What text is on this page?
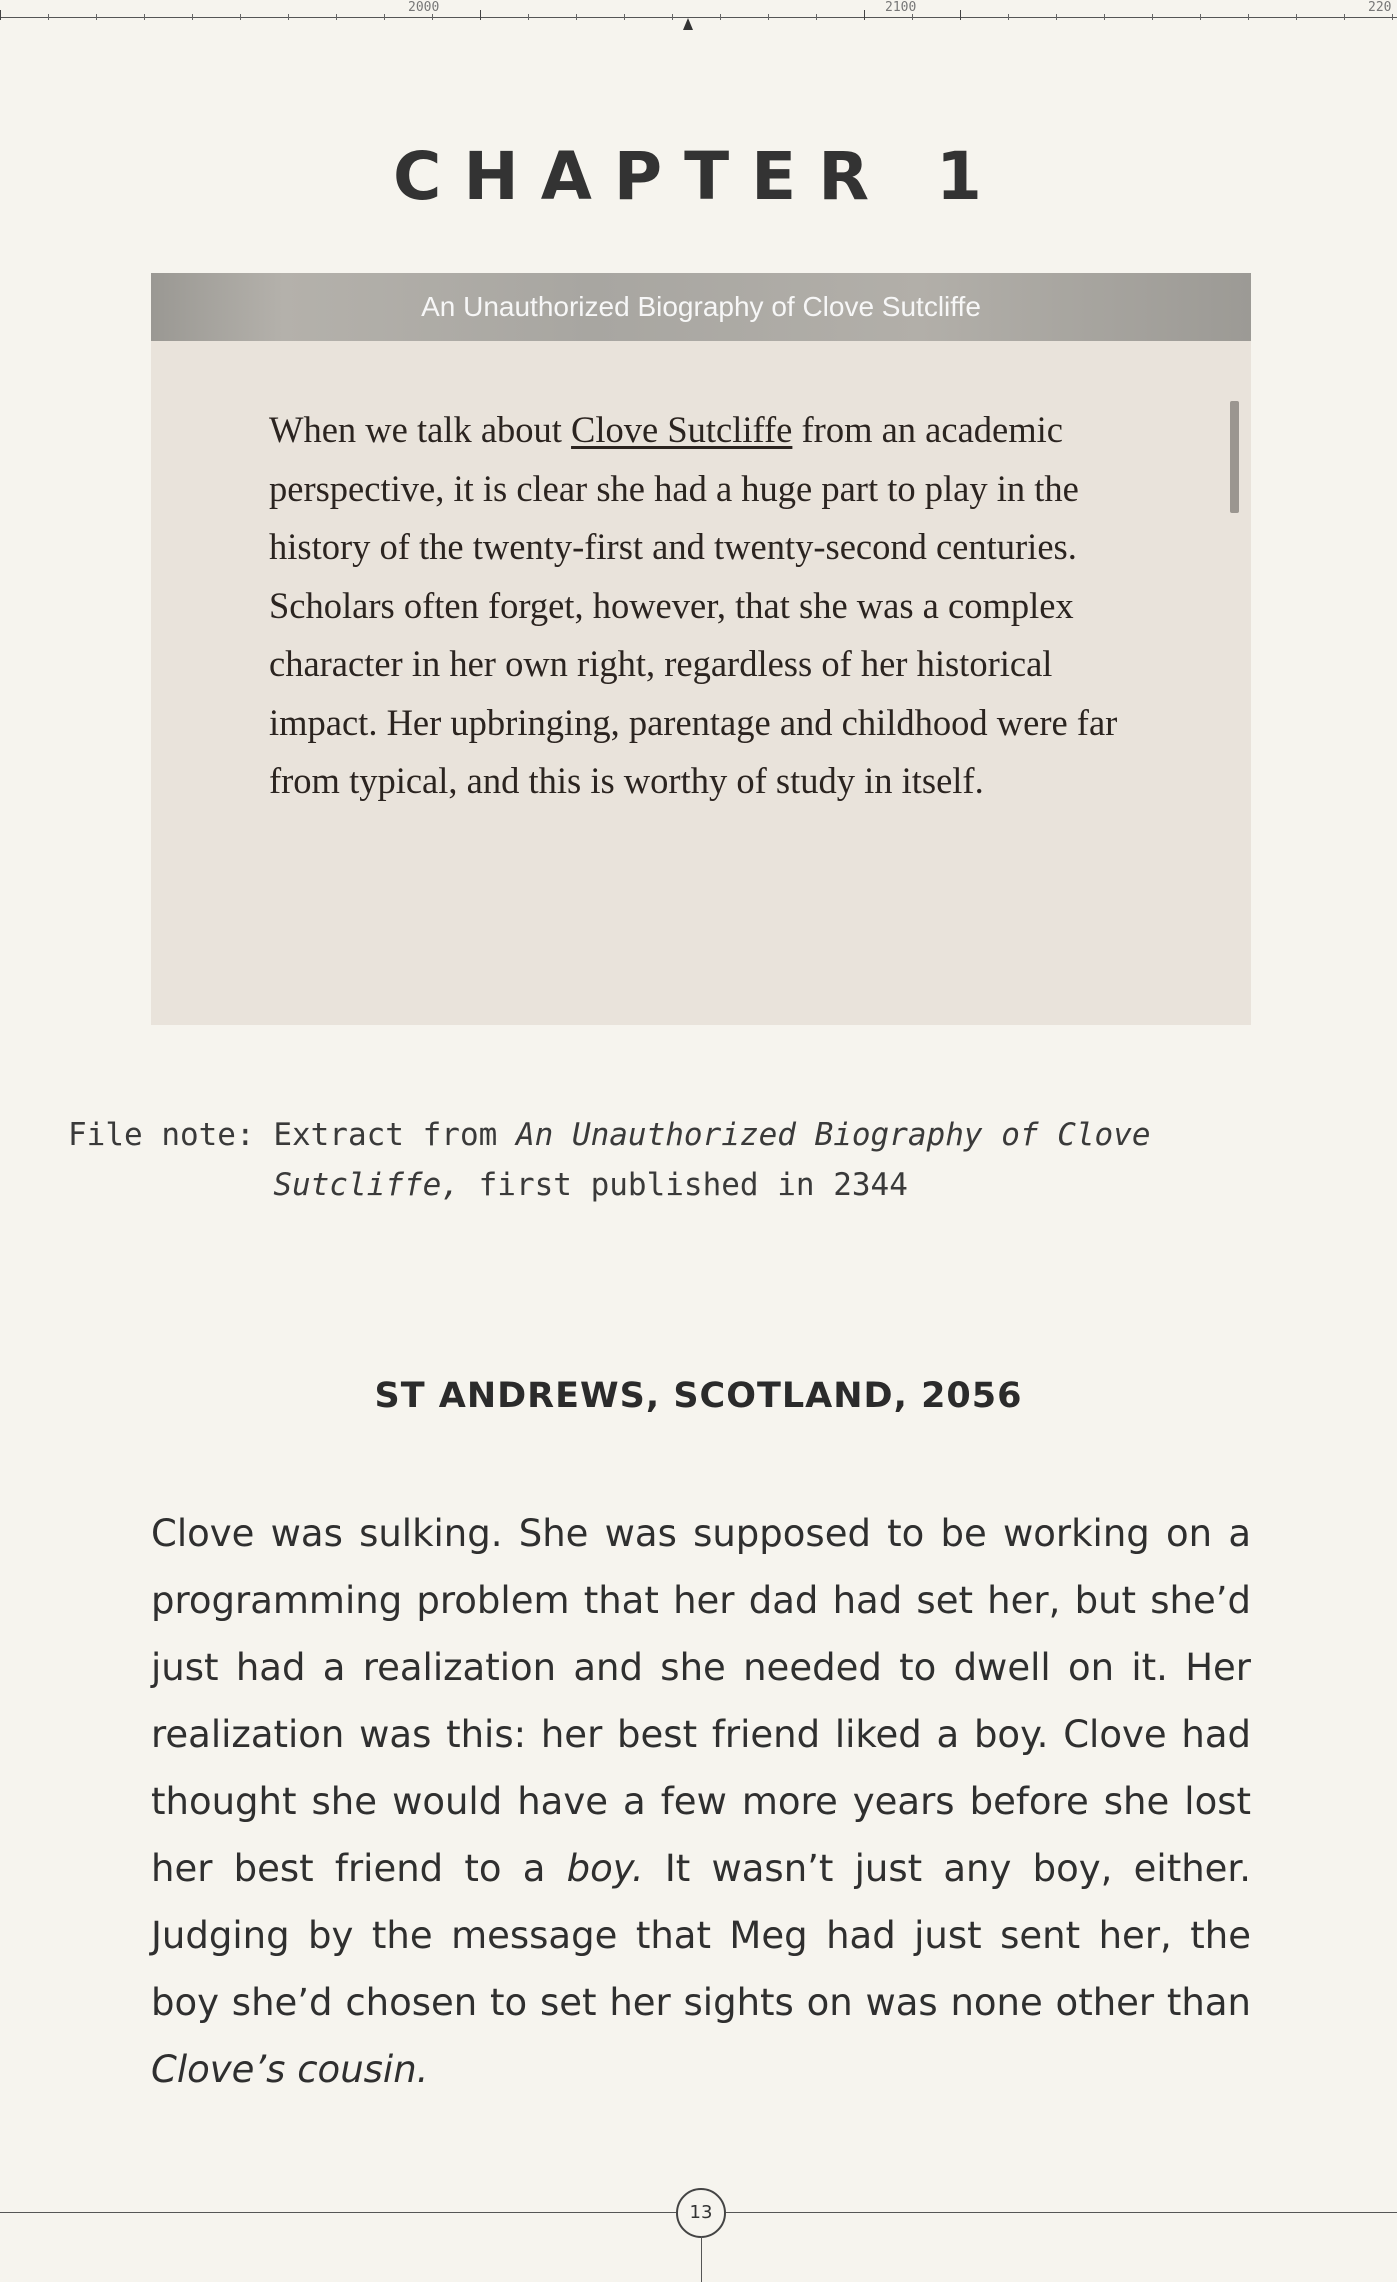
2000	2100	220
CHAPTER 1
An Unauthorized Biography of Clove Sutcliffe
When we talk about Clove Sutcliffe from an academic perspective, it is clear she had a huge part to play in the history of the twenty-first and twenty-second centuries. Scholars often forget, however, that she was a complex character in her own right, regardless of her historical impact. Her upbringing, parentage and childhood were far from typical, and this is worthy of study in itself.
File note: Extract from An Unauthorized Biography of Clove Sutcliffe, first published in 2344
ST ANDREWS, SCOTLAND, 2056
Clove was sulking. She was supposed to be working on a programming problem that her dad had set her, but she’d just had a realization and she needed to dwell on it. Her realization was this: her best friend liked a boy. Clove had thought she would have a few more years before she lost her best friend to a boy. It wasn’t just any boy, either. Judging by the message that Meg had just sent her, the boy she’d chosen to set her sights on was none other than Clove’s cousin.
13
